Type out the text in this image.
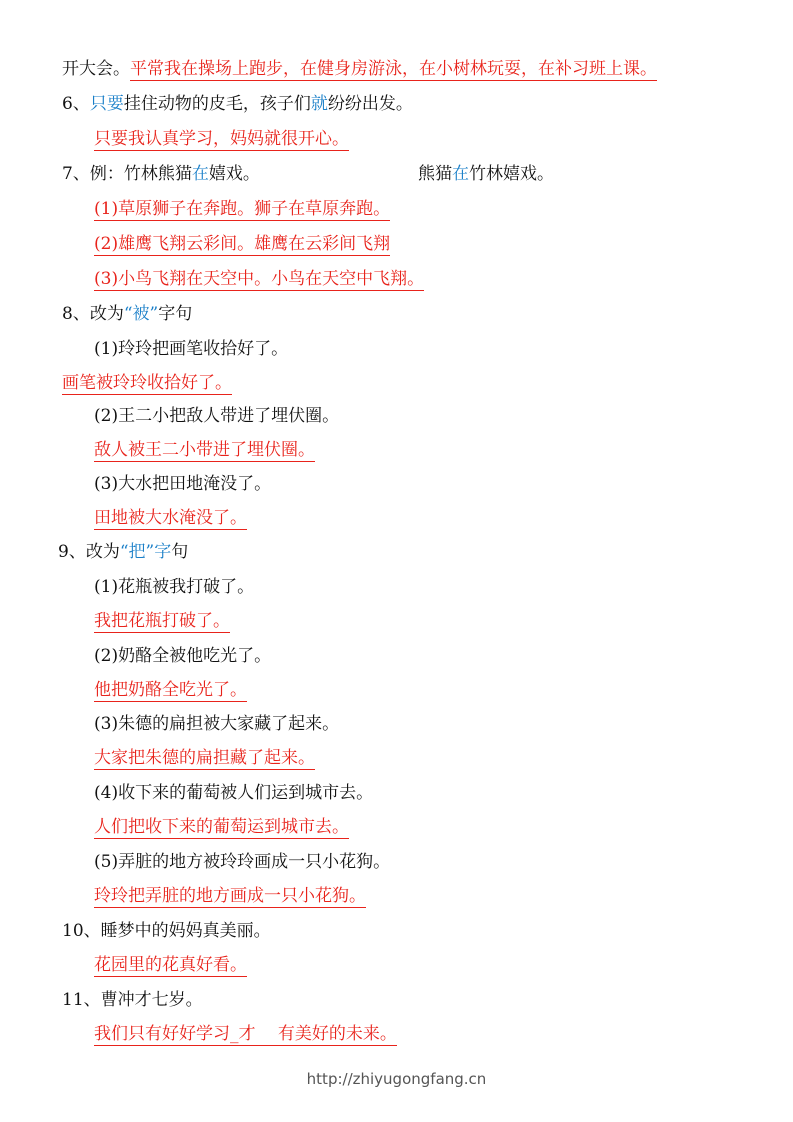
开大会。平常我在操场上跑步，在健身房游泳，在小树林玩耍，在补习班上课。
6、只要挂住动物的皮毛，孩子们就纷纷出发。
只要我认真学习，妈妈就很开心。
7、例：竹林熊猫在嬉戏。	熊猫在竹林嬉戏。
(1)草原狮子在奔跑。狮子在草原奔跑。
(2)雄鹰飞翔云彩间。雄鹰在云彩间飞翔
(3)小鸟飞翔在天空中。小鸟在天空中飞翔。
8、改为“被”字句
(1)玲玲把画笔收拾好了。
画笔被玲玲收拾好了。
(2)王二小把敌人带进了埋伏圈。
敌人被王二小带进了埋伏圈。
(3)大水把田地淹没了。
田地被大水淹没了。
9、改为“把”字句
(1)花瓶被我打破了。
我把花瓶打破了。
(2)奶酪全被他吃光了。
他把奶酪全吃光了。
(3)朱德的扁担被大家藏了起来。
大家把朱德的扁担藏了起来。
(4)收下来的葡萄被人们运到城市去。
人们把收下来的葡萄运到城市去。
(5)弄脏的地方被玲玲画成一只小花狗。
玲玲把弄脏的地方画成一只小花狗。
10、睡梦中的妈妈真美丽。
花园里的花真好看。
11、曹冲才七岁。
我们只有好好学习_才　 有美好的未来。
http://zhiyugongfang.cn
